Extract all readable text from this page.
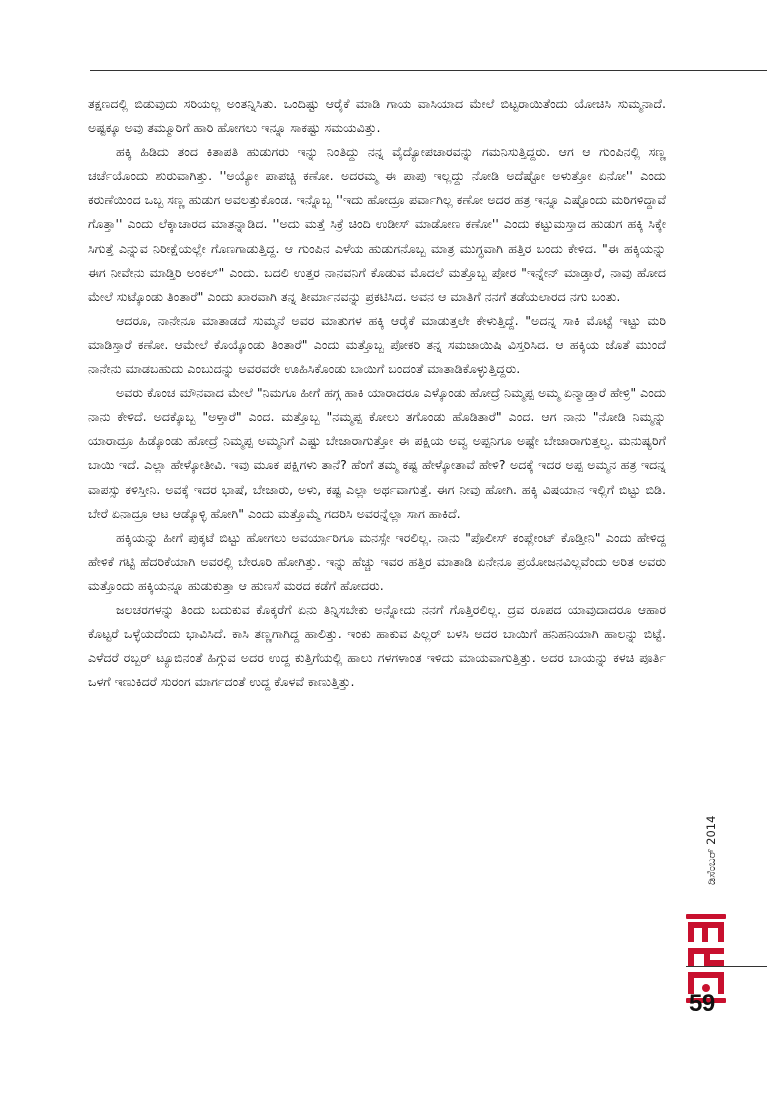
ತಕ್ಷಣದಲ್ಲಿ ಬಿಡುವುದು ಸರಿಯಲ್ಲ ಅಂತನ್ನಿಸಿತು. ಒಂದಿಷ್ಟು ಆರೈಕೆ ಮಾಡಿ ಗಾಯ ವಾಸಿಯಾದ ಮೇಲೆ ಬಿಟ್ಟರಾಯಿತೆಂದು ಯೋಚಿಸಿ ಸುಮ್ಮನಾದೆ. ಅಷ್ಟಕ್ಕೂ ಅವು ತಮ್ಮೂರಿಗೆ ಹಾರಿ ಹೋಗಲು ಇನ್ನೂ ಸಾಕಷ್ಟು ಸಮಯವಿತ್ತು.

ಹಕ್ಕಿ ಹಿಡಿದು ತಂದ ಕಿತಾಪತಿ ಹುಡುಗರು ಇನ್ನು ನಿಂತಿದ್ದು ನನ್ನ ವೈದ್ಯೋಪಚಾರವನ್ನು ಗಮನಿಸುತ್ತಿದ್ದರು. ಆಗ ಆ ಗುಂಪಿನಲ್ಲಿ ಸಣ್ಣ ಚರ್ಚೆಯೊಂದು ಶುರುವಾಗಿತ್ತು. ''ಅಯ್ಯೋ ಪಾಪಚ್ಚಿ ಕಣೋ. ಅದರಮ್ಮ ಈ ಪಾಪು ಇಲ್ಲದ್ದು ನೋಡಿ ಅದೆಷ್ಟೋ ಅಳುತ್ತೋ ಏನೋ'' ಎಂದು ಕರುಣೆಯಿಂದ ಒಬ್ಬ ಸಣ್ಣ ಹುಡುಗ ಅವಲತ್ತುಕೊಂಡ. ಇನ್ನೊಬ್ಬ ''ಇದು ಹೋದ್ರೂ ಪರ್ವಾಗಿಲ್ಲ ಕಣೋ ಅದರ ಹತ್ರ ಇನ್ನೂ ಎಷ್ಟೊಂದು ಮರಿಗಳಿದ್ದಾವೆ ಗೊತ್ತಾ'' ಎಂದು ಲೆಕ್ಕಾಚಾರದ ಮಾತನ್ನಾಡಿದ. ''ಅದು ಮತ್ತೆ ಸಿಕ್ರೆ ಚಿಂದಿ ಉಡೀಸ್ ಮಾಡೋಣ ಕಣೋ'' ಎಂದು ಕಟ್ಟುಮಸ್ತಾದ ಹುಡುಗ ಹಕ್ಕಿ ಸಿಕ್ಕೇ ಸಿಗುತ್ತೆ ಎನ್ನುವ ನಿರೀಕ್ಷೆಯಲ್ಲೇ ಗೊಣಗಾಡುತ್ತಿದ್ದ. ಆ ಗುಂಪಿನ ಎಳೆಯ ಹುಡುಗನೊಬ್ಬ ಮಾತ್ರ ಮುಗ್ಧವಾಗಿ ಹತ್ತಿರ ಬಂದು ಕೇಳಿದ. "ಈ ಹಕ್ಕಿಯನ್ನು ಈಗ ನೀವೇನು ಮಾಡ್ತಿರಿ ಅಂಕಲ್" ಎಂದು. ಬದಲಿ ಉತ್ತರ ನಾನವನಿಗೆ ಕೊಡುವ ಮೊದಲೆ ಮತ್ತೊಬ್ಬ ಪೋರ "ಇನ್ನೇನ್ ಮಾಡ್ತಾರೆ, ನಾವು ಹೋದ ಮೇಲೆ ಸುಟ್ಕೊಂಡು ತಿಂತಾರೆ" ಎಂದು ಖಾರವಾಗಿ ತನ್ನ ತೀರ್ಮಾನವನ್ನು ಪ್ರಕಟಿಸಿದ. ಅವನ ಆ ಮಾತಿಗೆ ನನಗೆ ತಡೆಯಲಾರದ ನಗು ಬಂತು.

ಆದರೂ, ನಾನೇನೂ ಮಾತಾಡದೆ ಸುಮ್ಮನೆ ಅವರ ಮಾತುಗಳ ಹಕ್ಕಿ ಆರೈಕೆ ಮಾಡುತ್ತಲೇ ಕೇಳುತ್ತಿದ್ದೆ. "ಅದನ್ನ ಸಾಕಿ ಮೊಟ್ಟೆ ಇಟ್ಟು ಮರಿ ಮಾಡಿಸ್ತಾರೆ ಕಣೋ. ಆಮೇಲೆ ಕೊಯ್ಕೊಂಡು ತಿಂತಾರೆ" ಎಂದು ಮತ್ತೊಬ್ಬ ಪೋಕರಿ ತನ್ನ ಸಮಜಾಯಿಷಿ ವಿಸ್ತರಿಸಿದ. ಆ ಹಕ್ಕಿಯ ಜೊತೆ ಮುಂದೆ ನಾನೇನು ಮಾಡಬಹುದು ಎಂಬುದನ್ನು ಅವರವರೇ ಊಹಿಸಿಕೊಂಡು ಬಾಯಿಗೆ ಬಂದಂತೆ ಮಾತಾಡಿಕೊಳ್ಳುತ್ತಿದ್ದರು.

ಅವರು ಕೊಂಚ ಮೌನವಾದ ಮೇಲೆ "ನಿಮಗೂ ಹೀಗೆ ಹಗ್ಗ ಹಾಕಿ ಯಾರಾದರೂ ಎಳ್ಕೊಂಡು ಹೋದ್ರೆ ನಿಮ್ಮಪ್ಪ ಅಮ್ಮ ಏನ್ಮಾಡ್ತಾರೆ ಹೇಳ್ರಿ" ಎಂದು ನಾನು ಕೇಳಿದೆ. ಅದಕ್ಕೊಬ್ಬ "ಅಳ್ತಾರೆ" ಎಂದ. ಮತ್ತೊಬ್ಬ "ನಮ್ಮಪ್ಪ ಕೋಲು ತಗೊಂಡು ಹೊಡಿತಾರೆ" ಎಂದ. ಆಗ ನಾನು "ನೋಡಿ ನಿಮ್ಮನ್ನು ಯಾರಾದ್ರೂ ಹಿಡ್ಕೊಂಡು ಹೋದ್ರೆ ನಿಮ್ಮಪ್ಪ ಅಮ್ಮನಿಗೆ ಎಷ್ಟು ಬೇಜಾರಾಗುತ್ತೋ ಈ ಪಕ್ಷಿಯ ಅವ್ವ ಅಪ್ಪನಿಗೂ ಅಷ್ಟೇ ಬೇಜಾರಾಗುತ್ತಲ್ವ. ಮನುಷ್ಯರಿಗೆ ಬಾಯಿ ಇದೆ. ಎಲ್ಲಾ ಹೇಳ್ಕೋತೀವಿ. ಇವು ಮೂಕ ಪಕ್ಷಿಗಳು ತಾನೆ? ಹೆಂಗೆ ತಮ್ಮ ಕಷ್ಟ ಹೇಳ್ಕೋತಾವೆ ಹೇಳಿ? ಅದಕ್ಕೆ ಇದರ ಅಪ್ಪ ಅಮ್ಮನ ಹತ್ರ ಇದನ್ನ ವಾಪಸ್ಸು ಕಳಿಸ್ತೀನಿ. ಅವಕ್ಕೆ ಇದರ ಭಾಷೆ, ಬೇಜಾರು, ಅಳು, ಕಷ್ಟ ಎಲ್ಲಾ ಅರ್ಥವಾಗುತ್ತೆ. ಈಗ ನೀವು ಹೋಗಿ. ಹಕ್ಕಿ ವಿಷಯಾನ ಇಲ್ಲಿಗೆ ಬಿಟ್ಟು ಬಿಡಿ. ಬೇರೆ ಏನಾದ್ರೂ ಆಟ ಆಡ್ಕೊಳ್ಳಿ ಹೋಗಿ" ಎಂದು ಮತ್ತೊಮ್ಮೆ ಗದರಿಸಿ ಅವರನ್ನೆಲ್ಲಾ ಸಾಗ ಹಾಕಿದೆ.

ಹಕ್ಕಿಯನ್ನು ಹೀಗೆ ಪುಕ್ಕಟೆ ಬಿಟ್ಟು ಹೋಗಲು ಅವರ್ಯಾರಿಗೂ ಮನಸ್ಸೇ ಇರಲಿಲ್ಲ. ನಾನು "ಪೊಲೀಸ್ ಕಂಪ್ಲೇಂಟ್ ಕೊಡ್ತೀನಿ" ಎಂದು ಹೇಳಿದ್ದ ಹೇಳಿಕೆ ಗಟ್ಟಿ ಹೆದರಿಕೆಯಾಗಿ ಅವರಲ್ಲಿ ಬೇರೂರಿ ಹೋಗಿತ್ತು. ಇನ್ನು ಹೆಚ್ಚು ಇವರ ಹತ್ತಿರ ಮಾತಾಡಿ ಏನೇನೂ ಪ್ರಯೋಜನವಿಲ್ಲವೆಂದು ಅರಿತ ಅವರು ಮತ್ತೊಂದು ಹಕ್ಕಿಯನ್ನೂ ಹುಡುಕುತ್ತಾ ಆ ಹುಣಸೆ ಮರದ ಕಡೆಗೆ ಹೋದರು.

ಜಲಚರಗಳನ್ನು ತಿಂದು ಬದುಕುವ ಕೊಕ್ಕರೆಗೆ ಏನು ತಿನ್ನಿಸಬೇಕು ಅನ್ನೋದು ನನಗೆ ಗೊತ್ತಿರಲಿಲ್ಲ. ದ್ರವ ರೂಪದ ಯಾವುದಾದರೂ ಆಹಾರ ಕೊಟ್ಟರೆ ಒಳ್ಳೆಯದೆಂದು ಭಾವಿಸಿದೆ. ಕಾಸಿ ತಣ್ಣಗಾಗಿದ್ದ ಹಾಲಿತ್ತು. ಇಂಕು ಹಾಕುವ ಪಿಲ್ಲರ್ ಬಳಸಿ ಅದರ ಬಾಯಿಗೆ ಹನಿಹನಿಯಾಗಿ ಹಾಲನ್ನು ಬಿಟ್ಟೆ. ಎಳೆದರೆ ರಬ್ಬರ್ ಟ್ಯೂಬಿನಂತೆ ಹಿಗ್ಗುವ ಅದರ ಉದ್ದ ಕುತ್ತಿಗೆಯಲ್ಲಿ ಹಾಲು ಗಳಗಳಾಂತ ಇಳಿದು ಮಾಯವಾಗುತ್ತಿತ್ತು. ಅದರ ಬಾಯನ್ನು ಕಳಚಿ ಪೂರ್ತಿ ಒಳಗೆ ಇಣುಕಿದರೆ ಸುರಂಗ ಮಾರ್ಗದಂತೆ ಉದ್ದ ಕೊಳವೆ ಕಾಣುತ್ತಿತ್ತು.

ಡಿಸೆಂಬರ್ 2014
59
